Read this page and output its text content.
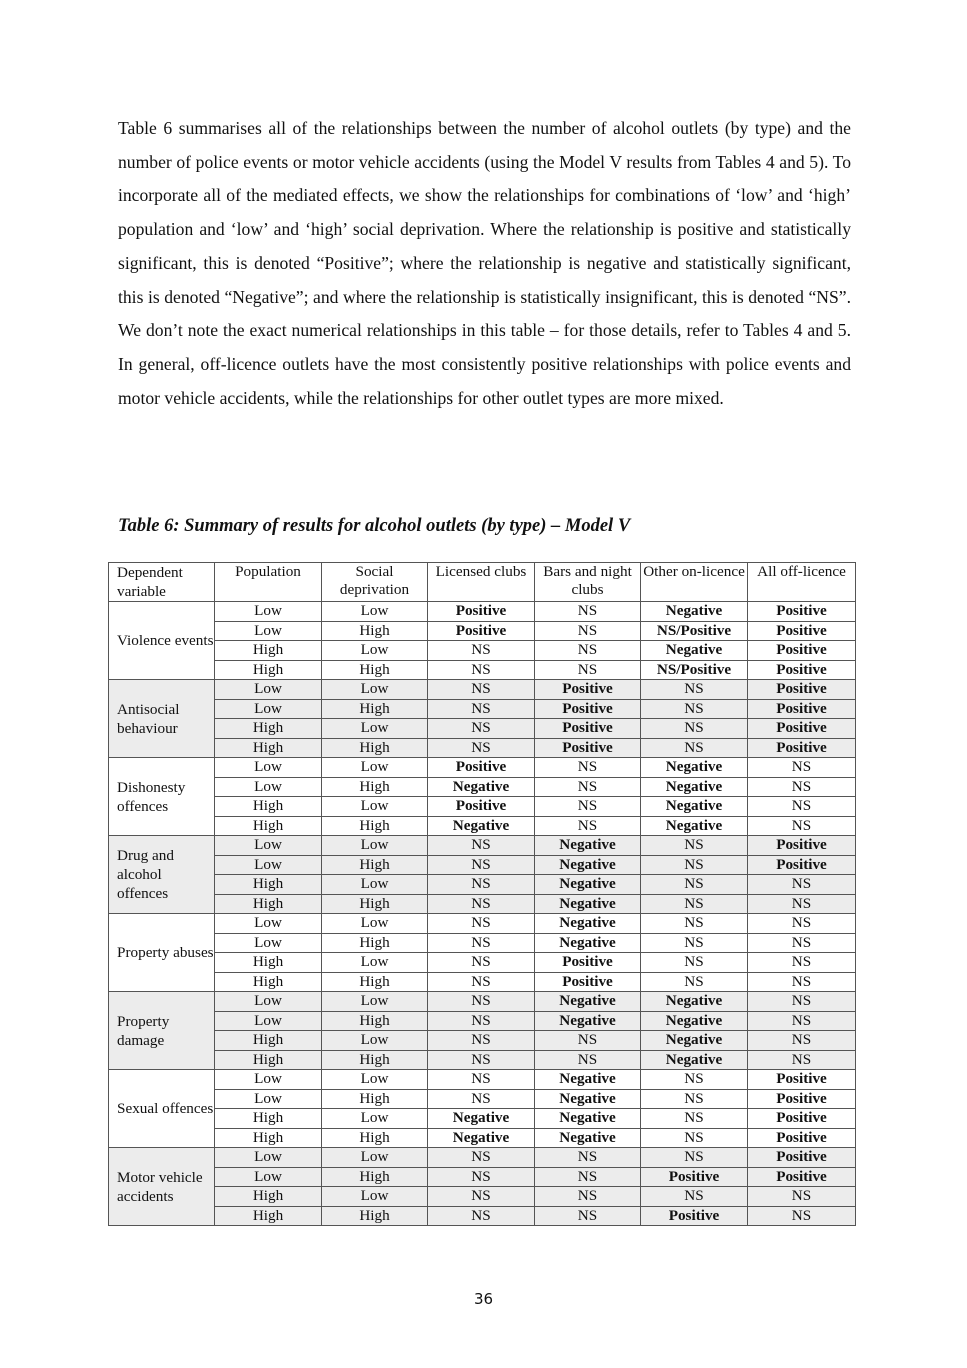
Table 6 summarises all of the relationships between the number of alcohol outlets (by type) and the number of police events or motor vehicle accidents (using the Model V results from Tables 4 and 5). To incorporate all of the mediated effects, we show the relationships for combinations of ‘low’ and ‘high’ population and ‘low’ and ‘high’ social deprivation. Where the relationship is positive and statistically significant, this is denoted “Positive”; where the relationship is negative and statistically significant, this is denoted “Negative”; and where the relationship is statistically insignificant, this is denoted “NS”. We don’t note the exact numerical relationships in this table – for those details, refer to Tables 4 and 5. In general, off-licence outlets have the most consistently positive relationships with police events and motor vehicle accidents, while the relationships for other outlet types are more mixed.

Table 6: Summary of results for alcohol outlets (by type) – Model V

Dependent variable	Population	Social deprivation	Licensed clubs	Bars and night clubs	Other on-licence	All off-licence
Violence events	Low	Low	Positive	NS	Negative	Positive
	Low	High	Positive	NS	NS/Positive	Positive
	High	Low	NS	NS	Negative	Positive
	High	High	NS	NS	NS/Positive	Positive
Antisocial behaviour	Low	Low	NS	Positive	NS	Positive
	Low	High	NS	Positive	NS	Positive
	High	Low	NS	Positive	NS	Positive
	High	High	NS	Positive	NS	Positive
Dishonesty offences	Low	Low	Positive	NS	Negative	NS
	Low	High	Negative	NS	Negative	NS
	High	Low	Positive	NS	Negative	NS
	High	High	Negative	NS	Negative	NS
Drug and alcohol offences	Low	Low	NS	Negative	NS	Positive
	Low	High	NS	Negative	NS	Positive
	High	Low	NS	Negative	NS	NS
	High	High	NS	Negative	NS	NS
Property abuses	Low	Low	NS	Negative	NS	NS
	Low	High	NS	Negative	NS	NS
	High	Low	NS	Positive	NS	NS
	High	High	NS	Positive	NS	NS
Property damage	Low	Low	NS	Negative	Negative	NS
	Low	High	NS	Negative	Negative	NS
	High	Low	NS	NS	Negative	NS
	High	High	NS	NS	Negative	NS
Sexual offences	Low	Low	NS	Negative	NS	Positive
	Low	High	NS	Negative	NS	Positive
	High	Low	Negative	Negative	NS	Positive
	High	High	Negative	Negative	NS	Positive
Motor vehicle accidents	Low	Low	NS	NS	NS	Positive
	Low	High	NS	NS	Positive	Positive
	High	Low	NS	NS	NS	NS
	High	High	NS	NS	Positive	NS

36
